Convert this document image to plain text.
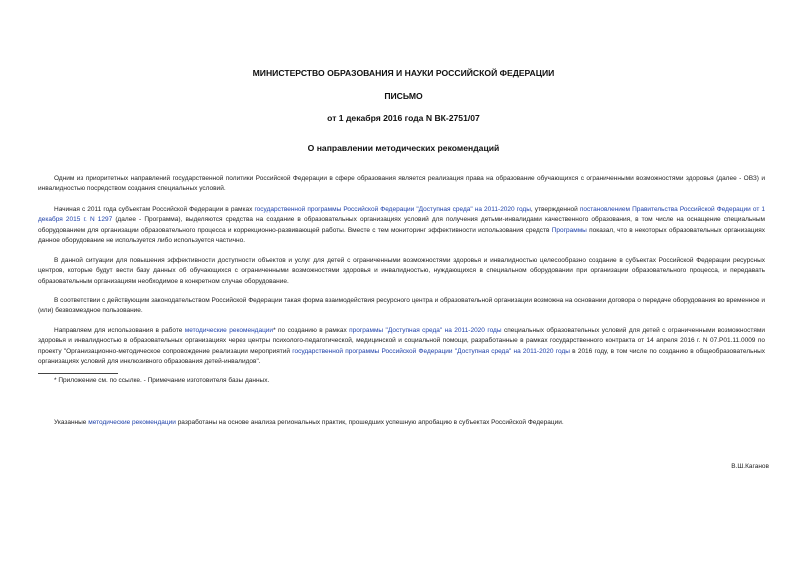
МИНИСТЕРСТВО ОБРАЗОВАНИЯ И НАУКИ РОССИЙСКОЙ ФЕДЕРАЦИИ
ПИСЬМО
от 1 декабря 2016 года N ВК-2751/07
О направлении методических рекомендаций
Одним из приоритетных направлений государственной политики Российской Федерации в сфере образования является реализация права на образование обучающихся с ограниченными возможностями здоровья (далее - ОВЗ) и инвалидностью посредством создания специальных условий.
Начиная с 2011 года субъектам Российской Федерации в рамках государственной программы Российской Федерации "Доступная среда" на 2011-2020 годы, утвержденной постановлением Правительства Российской Федерации от 1 декабря 2015 г. N 1297 (далее - Программа), выделяются средства на создание в образовательных организациях условий для получения детьми-инвалидами качественного образования, в том числе на оснащение специальным оборудованием для организации образовательного процесса и коррекционно-развивающей работы. Вместе с тем мониторинг эффективности использования средств Программы показал, что в некоторых образовательных организациях данное оборудование не используется либо используется частично.
В данной ситуации для повышения эффективности доступности объектов и услуг для детей с ограниченными возможностями здоровья и инвалидностью целесообразно создание в субъектах Российской Федерации ресурсных центров, которые будут вести базу данных об обучающихся с ограниченными возможностями здоровья и инвалидностью, нуждающихся в специальном оборудовании при организации образовательного процесса, и передавать образовательным организациям необходимое в конкретном случае оборудование.
В соответствии с действующим законодательством Российской Федерации такая форма взаимодействия ресурсного центра и образовательной организации возможна на основании договора о передаче оборудования во временное и (или) безвозмездное пользование.
Направляем для использования в работе методические рекомендации* по созданию в рамках программы "Доступная среда" на 2011-2020 годы специальных образовательных условий для детей с ограниченными возможностями здоровья и инвалидностью в образовательных организациях через центры психолого-педагогической, медицинской и социальной помощи, разработанные в рамках государственного контракта от 14 апреля 2016 г. N 07.Р01.11.0009 по проекту "Организационно-методическое сопровождение реализации мероприятий государственной программы Российской Федерации "Доступная среда" на 2011-2020 годы в 2016 году, в том числе по созданию в общеобразовательных организациях условий для инклюзивного образования детей-инвалидов".
* Приложение см. по ссылке. - Примечание изготовителя базы данных.
Указанные методические рекомендации разработаны на основе анализа региональных практик, прошедших успешную апробацию в субъектах Российской Федерации.
В.Ш.Каганов
